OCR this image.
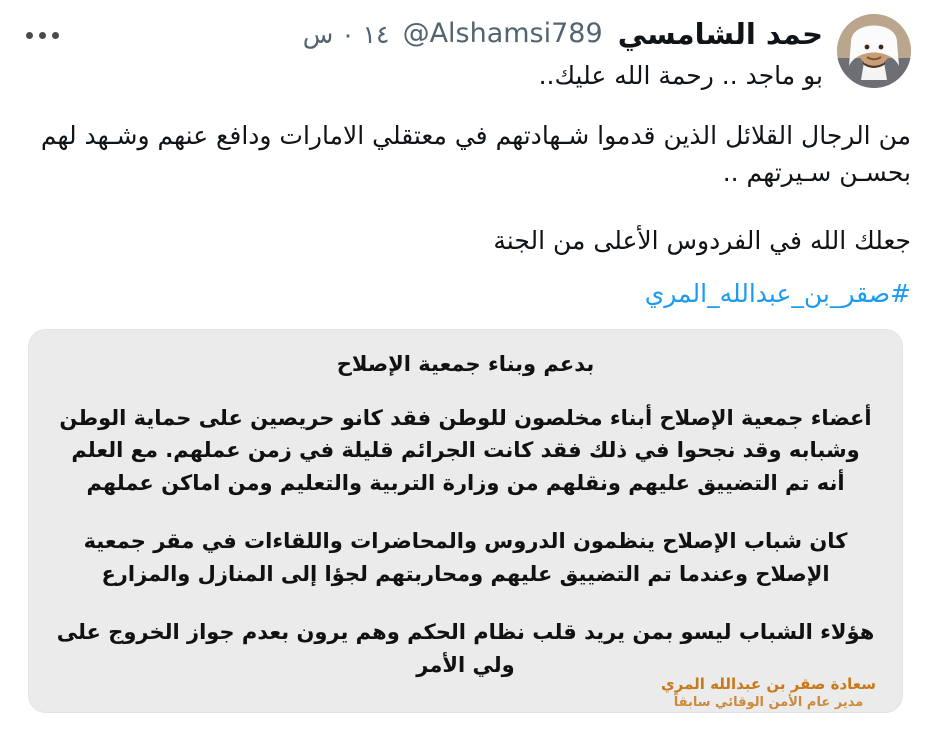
حمد الشامسي @Alshamsi789 ١٤ ٠ س
بو ماجد .. رحمة الله عليك..

من الرجال القلائل الذين قدموا شـهادتهم في معتقلي الامارات ودافع عنهم وشـهد لهم بحسـن سـيرتهم ..

جعلك الله في الفردوس الأعلى من الجنة

#صقر_بن_عبدالله_المري

بدعم وبناء جمعية الإصلاح

أعضاء جمعية الإصلاح أبناء مخلصون للوطن فقد كانو حريصين على حماية الوطن وشبابه وقد نجحوا في ذلك فقد كانت الجرائم قليلة في زمن عملهم. مع العلم أنه تم التضييق عليهم ونقلهم من وزارة التربية والتعليم ومن اماكن عملهم

كان شباب الإصلاح ينظمون الدروس والمحاضرات واللقاءات في مقر جمعية الإصلاح وعندما تم التضييق عليهم ومحاربتهم لجؤا إلى المنازل والمزارع

هؤلاء الشباب ليسو بمن يريد قلب نظام الحكم وهم يرون بعدم جواز الخروج على ولي الأمر

سعادة صقر بن عبدالله المري

مدير عام الأمن الوقائي سابقاً
